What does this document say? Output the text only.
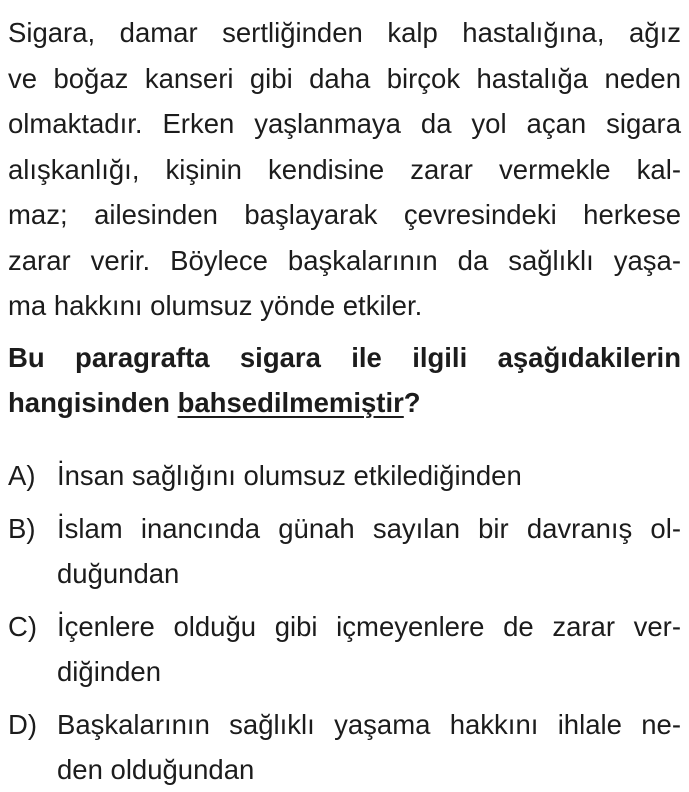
Sigara, damar sertliğinden kalp hastalığına, ağız
ve boğaz kanseri gibi daha birçok hastalığa neden
olmaktadır. Erken yaşlanmaya da yol açan sigara
alışkanlığı, kişinin kendisine zarar vermekle kal-
maz; ailesinden başlayarak çevresindeki herkese
zarar verir. Böylece başkalarının da sağlıklı yaşa-
ma hakkını olumsuz yönde etkiler.

Bu paragrafta sigara ile ilgili aşağıdakilerin
hangisinden bahsedilmemiştir?

A) İnsan sağlığını olumsuz etkilediğinden
B) İslam inancında günah sayılan bir davranış ol-
duğundan
C) İçenlere olduğu gibi içmeyenlere de zarar ver-
diğinden
D) Başkalarının sağlıklı yaşama hakkını ihlale ne-
den olduğundan
